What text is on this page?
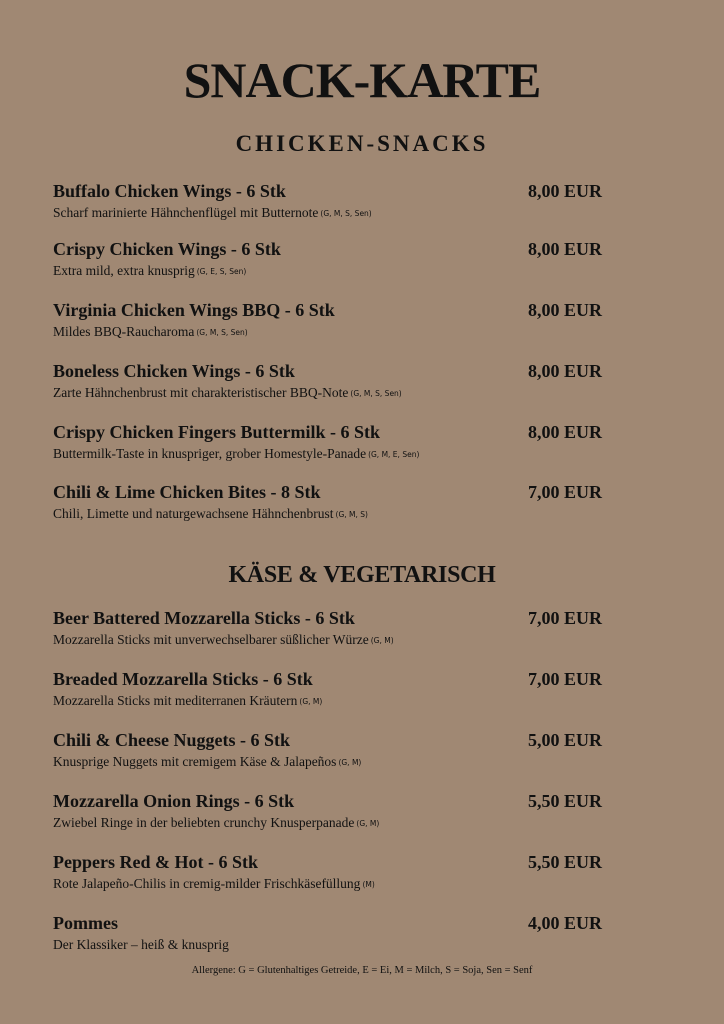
SNACK-KARTE
CHICKEN-SNACKS
Buffalo Chicken Wings - 6 Stk	8,00 EUR
Scharf marinierte Hähnchenflügel mit Butternote (G, M, S, Sen)
Crispy Chicken Wings - 6 Stk	8,00 EUR
Extra mild, extra knusprig (G, E, S, Sen)
Virginia Chicken Wings BBQ - 6 Stk	8,00 EUR
Mildes BBQ-Raucharoma (G, M, S, Sen)
Boneless Chicken Wings - 6 Stk	8,00 EUR
Zarte Hähnchenbrust mit charakteristischer BBQ-Note (G, M, S, Sen)
Crispy Chicken Fingers Buttermilk - 6 Stk	8,00 EUR
Buttermilk-Taste in knuspriger, grober Homestyle-Panade (G, M, E, Sen)
Chili & Lime Chicken Bites - 8 Stk	7,00 EUR
Chili, Limette und naturgewachsene Hähnchenbrust (G, M, S)
KÄSE & VEGETARISCH
Beer Battered Mozzarella Sticks - 6 Stk	7,00 EUR
Mozzarella Sticks mit unverwechselbarer süßlicher Würze (G, M)
Breaded Mozzarella Sticks - 6 Stk	7,00 EUR
Mozzarella Sticks mit mediterranen Kräutern (G, M)
Chili & Cheese Nuggets - 6 Stk	5,00 EUR
Knusprige Nuggets mit cremigem Käse & Jalapeños (G, M)
Mozzarella Onion Rings - 6 Stk	5,50 EUR
Zwiebel Ringe in der beliebten crunchy Knusperpanade (G, M)
Peppers Red & Hot - 6 Stk	5,50 EUR
Rote Jalapeño-Chilis in cremig-milder Frischkäsefüllung (M)
Pommes	4,00 EUR
Der Klassiker – heiß & knusprig
Allergene: G = Glutenhaltiges Getreide, E = Ei, M = Milch, S = Soja, Sen = Senf
